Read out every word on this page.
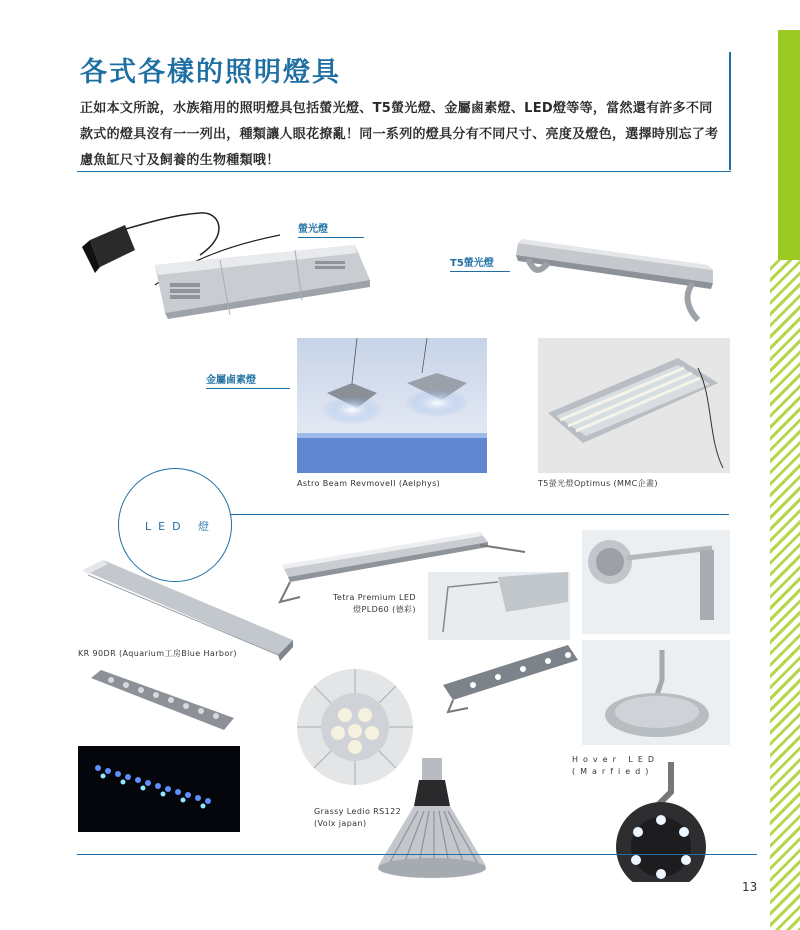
各式各樣的照明燈具

正如本文所說，水族箱用的照明燈具包括螢光燈、T5螢光燈、金屬鹵素燈、LED燈等等，當然還有許多不同款式的燈具沒有一一列出，種類讓人眼花撩亂！同一系列的燈具分有不同尺寸、亮度及燈色，選擇時別忘了考慮魚缸尺寸及飼養的生物種類哦！

螢光燈
T5螢光燈
金屬鹵素燈
Astro Beam RevmoveII (Aelphys)	T5螢光燈Optimus (MMC企畫)
LED 燈
KR 90DR (Aquarium工房Blue Harbor)
Tetra Premium LED
燈PLD60 (德彩)
Hover LED
(Marfied)
Grassy Ledio RS122
(Volx japan)
13
